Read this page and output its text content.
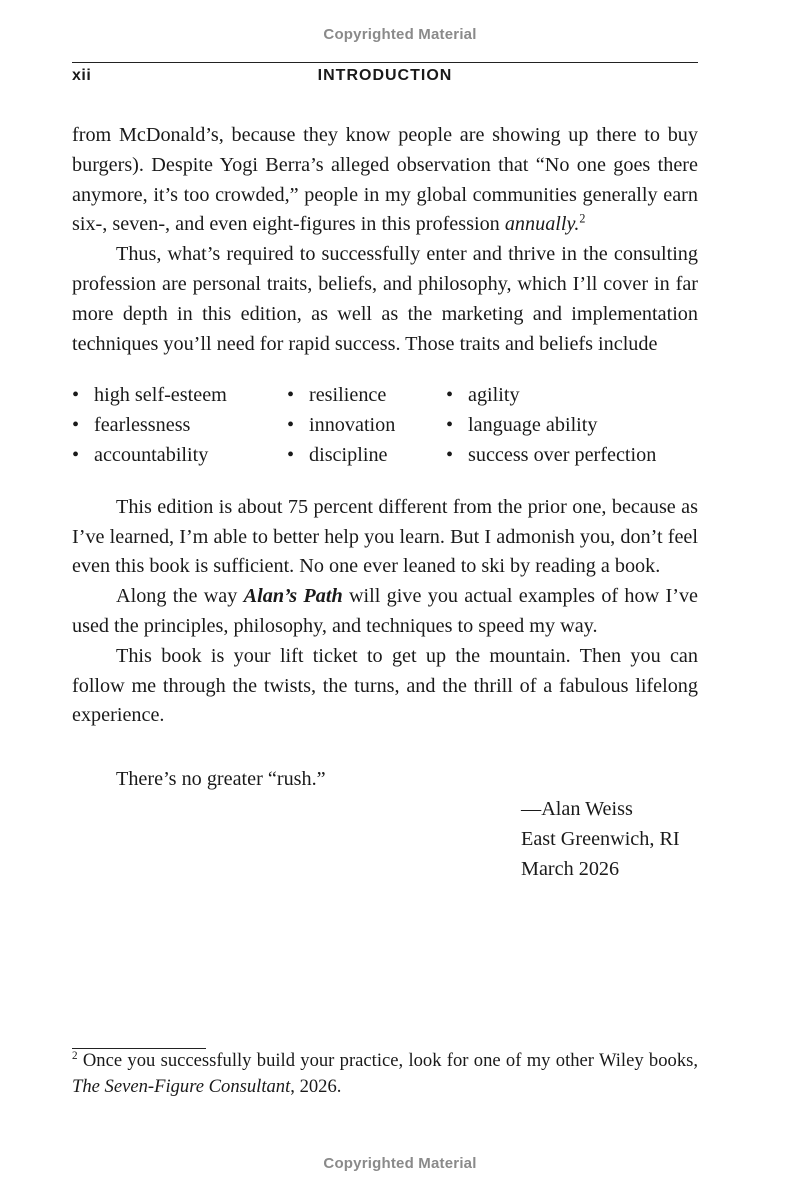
Copyrighted Material
xii	INTRODUCTION

from McDonald’s, because they know people are showing up there to buy burgers). Despite Yogi Berra’s alleged observation that “No one goes there anymore, it’s too crowded,” people in my global communities generally earn six-, seven-, and even eight-figures in this profession annually.$^2$

Thus, what’s required to successfully enter and thrive in the consulting profession are personal traits, beliefs, and philosophy, which I’ll cover in far more depth in this edition, as well as the marketing and implementation techniques you’ll need for rapid success. Those traits and beliefs include

• high self-esteem	• resilience	• agility
• fearlessness	• innovation	• language ability
• accountability	• discipline	• success over perfection

This edition is about 75 percent different from the prior one, because as I’ve learned, I’m able to better help you learn. But I admonish you, don’t feel even this book is sufficient. No one ever leaned to ski by reading a book.

Along the way Alan’s Path will give you actual examples of how I’ve used the principles, philosophy, and techniques to speed my way.

This book is your lift ticket to get up the mountain. Then you can follow me through the twists, the turns, and the thrill of a fabulous lifelong experience.

There’s no greater “rush.”

—Alan Weiss
East Greenwich, RI
March 2026
$^2$ Once you successfully build your practice, look for one of my other Wiley books, The Seven-Figure Consultant, 2026.
Copyrighted Material
